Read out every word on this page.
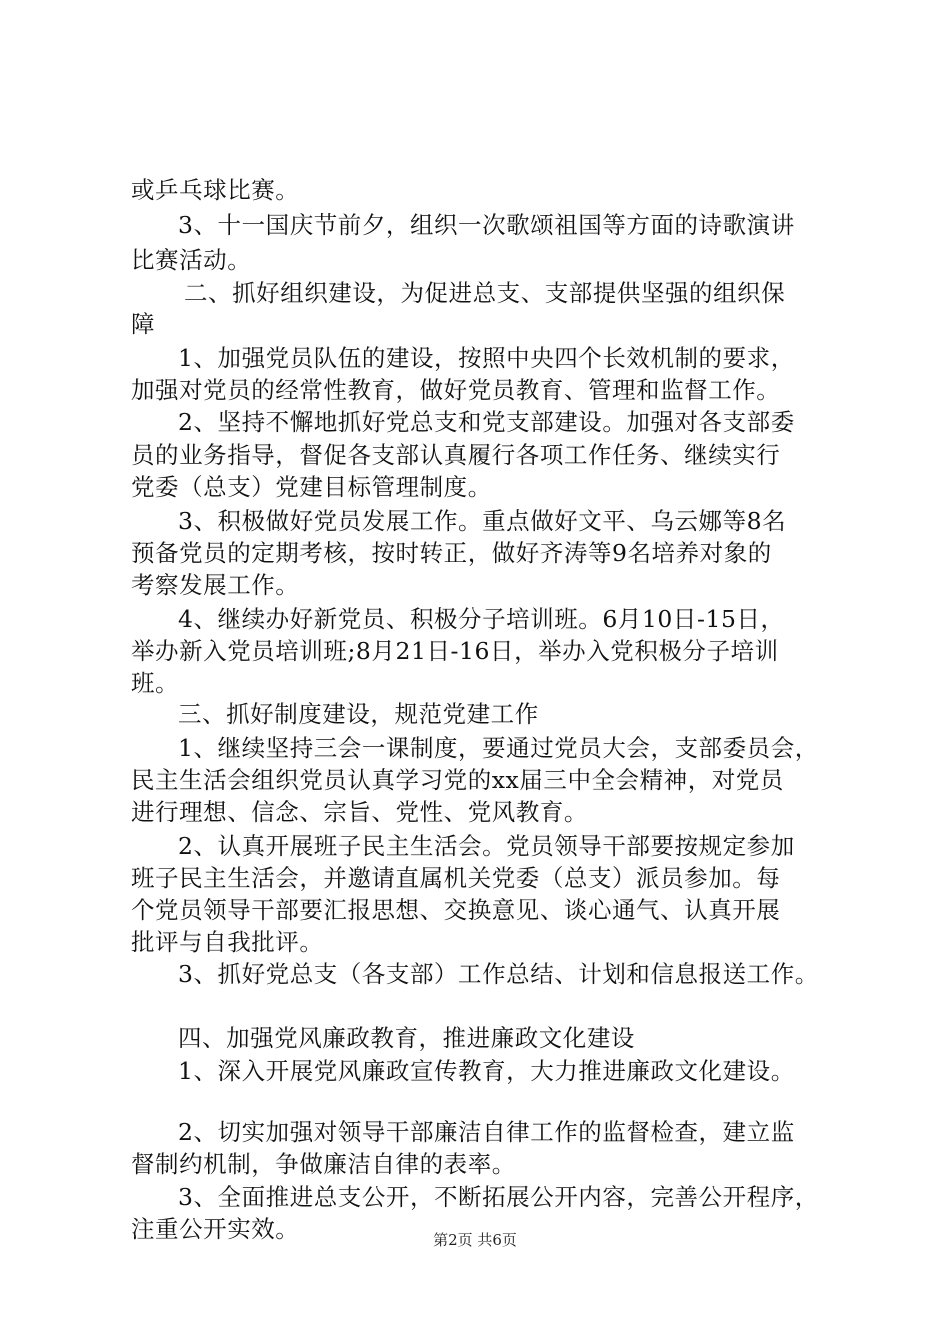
或乒乓球比赛。
3、十一国庆节前夕，组织一次歌颂祖国等方面的诗歌演讲
比赛活动。
二、抓好组织建设，为促进总支、支部提供坚强的组织保
障
1、加强党员队伍的建设，按照中央四个长效机制的要求，
加强对党员的经常性教育，做好党员教育、管理和监督工作。
2、坚持不懈地抓好党总支和党支部建设。加强对各支部委
员的业务指导，督促各支部认真履行各项工作任务、继续实行
党委（总支）党建目标管理制度。
3、积极做好党员发展工作。重点做好文平、乌云娜等8名
预备党员的定期考核，按时转正，做好齐涛等9名培养对象的
考察发展工作。
4、继续办好新党员、积极分子培训班。6月10日-15日，
举办新入党员培训班;8月21日-16日，举办入党积极分子培训
班。
三、抓好制度建设，规范党建工作
1、继续坚持三会一课制度，要通过党员大会，支部委员会，
民主生活会组织党员认真学习党的xx届三中全会精神，对党员
进行理想、信念、宗旨、党性、党风教育。
2、认真开展班子民主生活会。党员领导干部要按规定参加
班子民主生活会，并邀请直属机关党委（总支）派员参加。每
个党员领导干部要汇报思想、交换意见、谈心通气、认真开展
批评与自我批评。
3、抓好党总支（各支部）工作总结、计划和信息报送工作。
四、加强党风廉政教育，推进廉政文化建设
1、深入开展党风廉政宣传教育，大力推进廉政文化建设。
2、切实加强对领导干部廉洁自律工作的监督检查，建立监
督制约机制，争做廉洁自律的表率。
3、全面推进总支公开，不断拓展公开内容，完善公开程序，
注重公开实效。	第2页 共6页
